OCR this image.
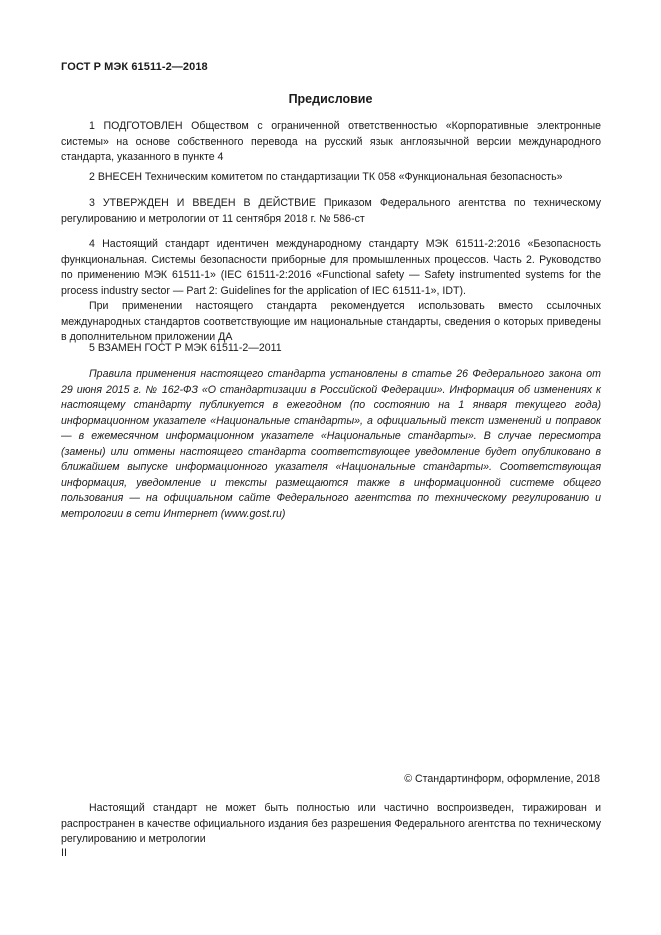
ГОСТ Р МЭК 61511-2—2018
Предисловие

1 ПОДГОТОВЛЕН Обществом с ограниченной ответственностью «Корпоративные электронные системы» на основе собственного перевода на русский язык англоязычной версии международного стандарта, указанного в пункте 4

2 ВНЕСЕН Техническим комитетом по стандартизации ТК 058 «Функциональная безопасность»

3 УТВЕРЖДЕН И ВВЕДЕН В ДЕЙСТВИЕ Приказом Федерального агентства по техническому регулированию и метрологии от 11 сентября 2018 г. № 586-ст

4 Настоящий стандарт идентичен международному стандарту МЭК 61511-2:2016 «Безопасность функциональная. Системы безопасности приборные для промышленных процессов. Часть 2. Руководство по применению МЭК 61511-1» (IEC 61511-2:2016 «Functional safety — Safety instrumented systems for the process industry sector — Part 2: Guidelines for the application of IEC 61511-1», IDT).

При применении настоящего стандарта рекомендуется использовать вместо ссылочных международных стандартов соответствующие им национальные стандарты, сведения о которых приведены в дополнительном приложении ДА

5 ВЗАМЕН ГОСТ Р МЭК 61511-2—2011

Правила применения настоящего стандарта установлены в статье 26 Федерального закона от 29 июня 2015 г. № 162-ФЗ «О стандартизации в Российской Федерации». Информация об изменениях к настоящему стандарту публикуется в ежегодном (по состоянию на 1 января текущего года) информационном указателе «Национальные стандарты», а официальный текст изменений и поправок — в ежемесячном информационном указателе «Национальные стандарты». В случае пересмотра (замены) или отмены настоящего стандарта соответствующее уведомление будет опубликовано в ближайшем выпуске информационного указателя «Национальные стандарты». Соответствующая информация, уведомление и тексты размещаются также в информационной системе общего пользования — на официальном сайте Федерального агентства по техническому регулированию и метрологии в сети Интернет (www.gost.ru)

© Стандартинформ, оформление, 2018

Настоящий стандарт не может быть полностью или частично воспроизведен, тиражирован и распространен в качестве официального издания без разрешения Федерального агентства по техническому регулированию и метрологии

II
